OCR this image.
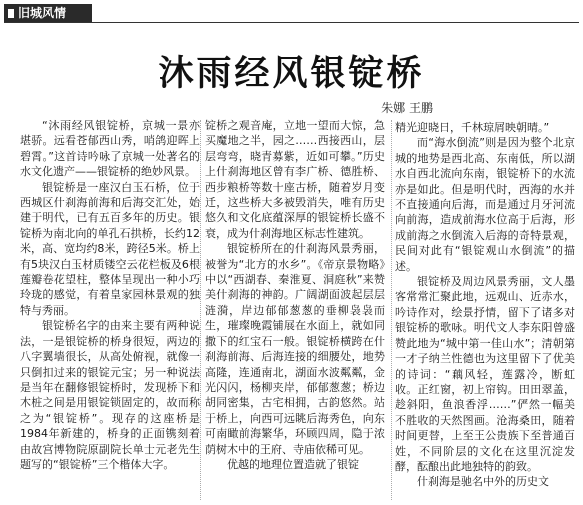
旧城风情
沐雨经风银锭桥
朱娜 王鹏

“沐雨经风银锭桥，京城一景亦堪骄。远看苍郁西山秀，哨鸽迎晖上碧霄。”这首诗吟咏了京城一处著名的水文化遗产——银锭桥的绝妙风景。

银锭桥是一座汉白玉石桥，位于西城区什刹海前海和后海交汇处，始建于明代，已有五百多年的历史。银锭桥为南北向的单孔石拱桥，长约12米，高、宽均约8米，跨径5米。桥上有5块汉白玉材质镂空云花栏板及6根莲瓣卷花望柱，整体呈现出一种小巧玲珑的感觉，有着皇家园林景观的独特与秀丽。

银锭桥名字的由来主要有两种说法，一是银锭桥的桥身很短，两边的八字翼墙很长，从高处俯视，就像一只倒扣过来的银锭元宝；另一种说法是当年在翻修银锭桥时，发现桥下和木桩之间是用银锭锁固定的，故而称之为“银锭桥”。现存的这座桥是1984年新建的，桥身的正面镌刻着由故宫博物院原副院长单士元老先生题写的“银锭桥”三个楷体大字。

锭桥之观音庵，立地一望而大惊，急买魔地之半，园之……西接西山，层层弯弯，晓青募紫，近如可攀。”历史上什刹海地区曾有李广桥、德胜桥、西步粮桥等数十座古桥，随着岁月变迁，这些桥大多被毁消失，唯有历史悠久和文化底蕴深厚的银锭桥长盛不衰，成为什刹海地区标志性建筑。

银锭桥所在的什刹海风景秀丽，被誉为“北方的水乡”。《帝京景物略》中以“西湖春、秦淮夏、洞庭秋”来赞美什刹海的神韵。广阔湖面波起层层涟漪，岸边郁郁葱葱的垂柳袅袅而生，璀璨晚霞铺展在水面上，就如同撒下的红宝石一般。银锭桥横跨在什刹海前海、后海连接的细腰处，地势高隆，连通南北，湖面水波粼粼，金光闪闪，杨柳夹岸，郁郁葱葱；桥边胡同密集，古宅相拥，古韵悠然。站于桥上，向西可远眺后海秀色，向东可南瞰前海繁华，环顾四周，隐于浓荫树木中的王府、寺庙依稀可见。

优越的地理位置造就了银锭

精光迎晓日，千林琼屑映朝晴。”

而“海水倒流”则是因为整个北京城的地势是西北高、东南低，所以湖水自西北流向东南，银锭桥下的水流亦是如此。但是明代时，西海的水并不直接通向后海，而是通过月牙河流向前海，造成前海水位高于后海，形成前海之水倒流入后海的奇特景观，民间对此有“银锭观山水倒流”的描述。

银锭桥及周边风景秀丽，文人墨客常常汇聚此地，远观山、近赤水，吟诗作对，绘景抒情，留下了诸多对银锭桥的歌咏。明代文人李东阳曾盛赞此地为“城中第一佳山水”；清朝第一才子纳兰性德也为这里留下了优美的诗词：“藕风轻，莲露冷，断虹收。正红窗，初上帘钩。田田翠盖，趁斜阳，鱼浪香浮……”俨然一幅美不胜收的天然图画。沧海桑田，随着时间更替，上至王公贵族下至普通百姓，不同阶层的文化在这里沉淀发酵，酝酿出此地独特的韵致。

什刹海是驰名中外的历史文
